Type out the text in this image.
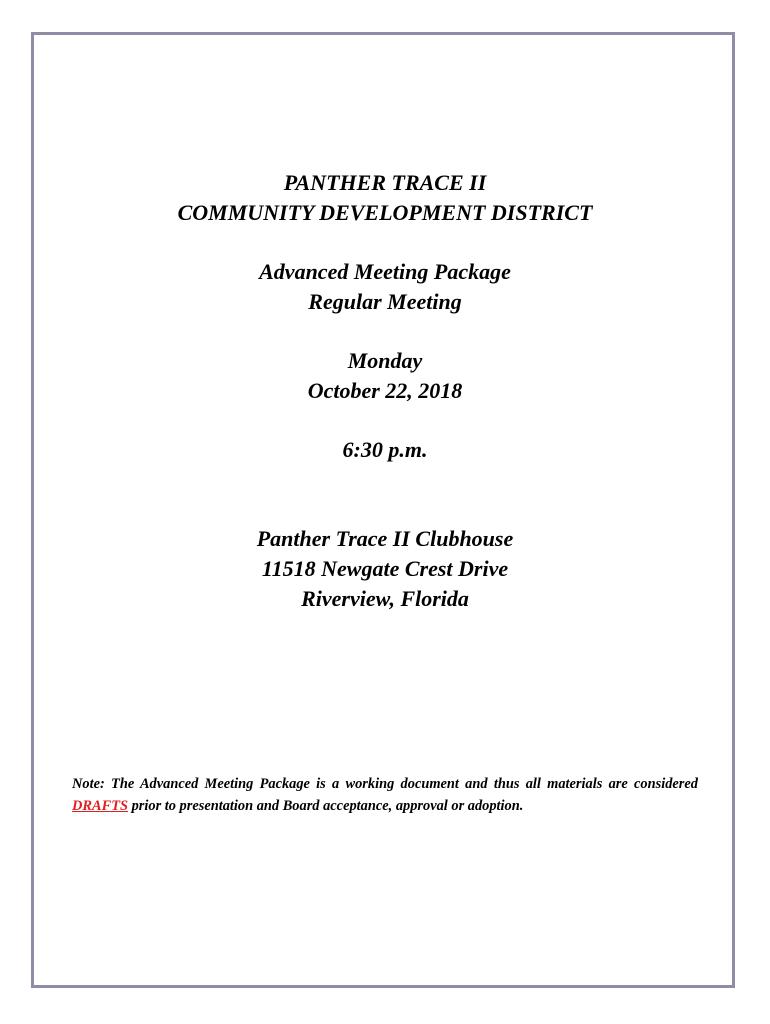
PANTHER TRACE II
COMMUNITY DEVELOPMENT DISTRICT
Advanced Meeting Package
Regular Meeting
Monday
October 22, 2018
6:30 p.m.
Panther Trace II Clubhouse
11518 Newgate Crest Drive
Riverview, Florida
Note: The Advanced Meeting Package is a working document and thus all materials are considered DRAFTS prior to presentation and Board acceptance, approval or adoption.
